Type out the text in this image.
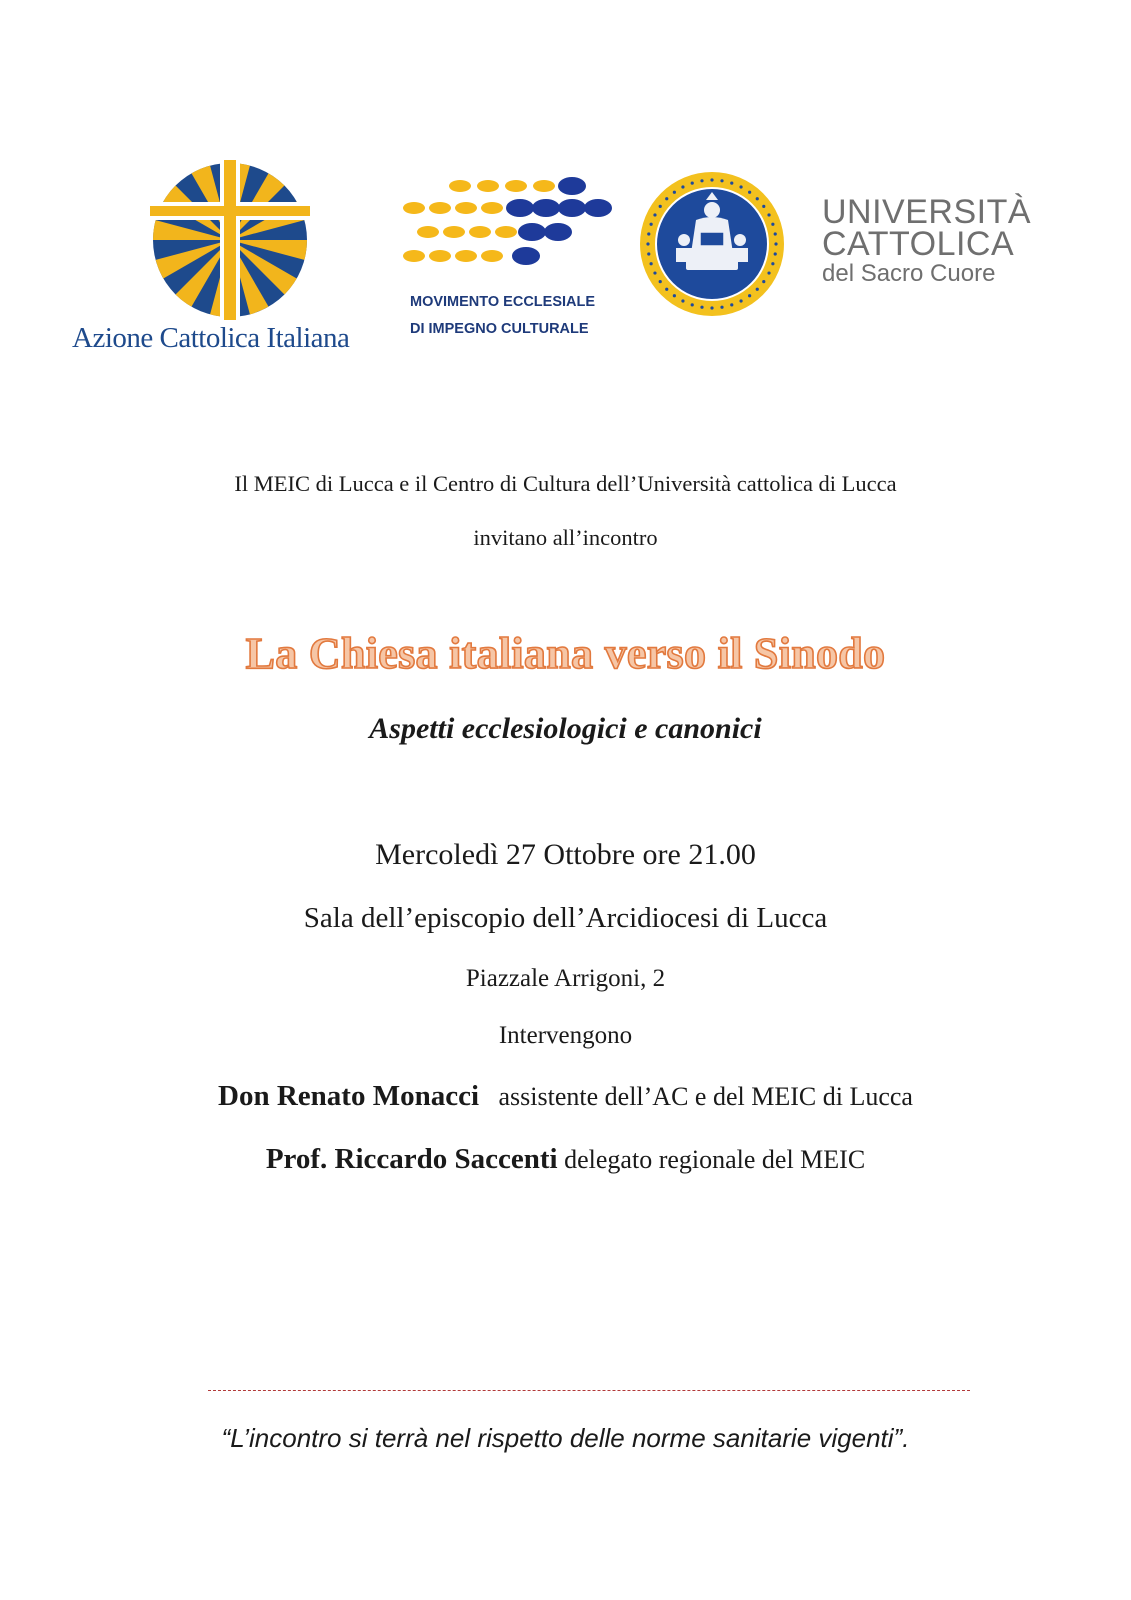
Azione Cattolica Italiana
MOVIMENTO ECCLESIALE
DI IMPEGNO CULTURALE
UNIVERSITÀ
CATTOLICA
del Sacro Cuore
Il MEIC di Lucca e il Centro di Cultura dell’Università cattolica di Lucca
invitano all’incontro
La Chiesa italiana verso il Sinodo
Aspetti ecclesiologici e canonici
Mercoledì 27 Ottobre ore 21.00
Sala dell’episcopio dell’Arcidiocesi di Lucca
Piazzale Arrigoni, 2
Intervengono
Don Renato Monacci assistente dell’AC e del MEIC di Lucca
Prof. Riccardo Saccenti delegato regionale del MEIC
“L’incontro si terrà nel rispetto delle norme sanitarie vigenti”.
